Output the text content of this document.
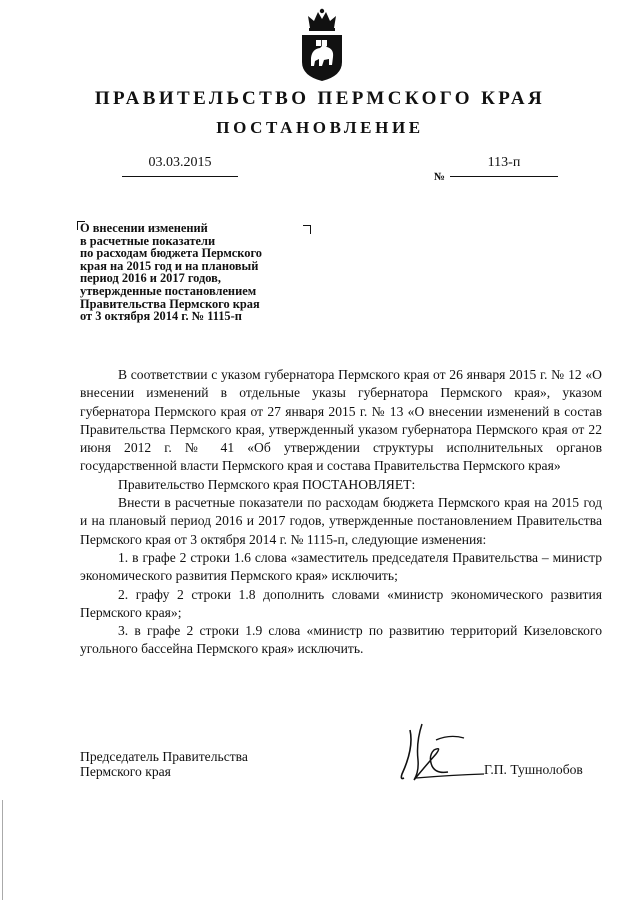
ПРАВИТЕЛЬСТВО ПЕРМСКОГО КРАЯ
ПОСТАНОВЛЕНИЕ
03.03.2015
№
113-п
О внесении изменений
в расчетные показатели
по расходам бюджета Пермского
края на 2015 год и на плановый
период 2016 и 2017 годов,
утвержденные постановлением
Правительства Пермского края
от 3 октября 2014 г. № 1115-п

В соответствии с указом губернатора Пермского края от 26 января 2015 г. № 12 «О внесении изменений в отдельные указы губернатора Пермского края», указом губернатора Пермского края от 27 января 2015 г. № 13 «О внесении изменений в состав Правительства Пермского края, утвержденный указом губернатора Пермского края от 22 июня 2012 г. № 41 «Об утверждении структуры исполнительных органов государственной власти Пермского края и состава Правительства Пермского края»

Правительство Пермского края ПОСТАНОВЛЯЕТ:

Внести в расчетные показатели по расходам бюджета Пермского края на 2015 год и на плановый период 2016 и 2017 годов, утвержденные постановлением Правительства Пермского края от 3 октября 2014 г. № 1115-п, следующие изменения:

1. в графе 2 строки 1.6 слова «заместитель председателя Правительства – министр экономического развития Пермского края» исключить;

2. графу 2 строки 1.8 дополнить словами «министр экономического развития Пермского края»;

3. в графе 2 строки 1.9 слова «министр по развитию территорий Кизеловского угольного бассейна Пермского края» исключить.

Председатель Правительства
Пермского края	Г.П. Тушнолобов
